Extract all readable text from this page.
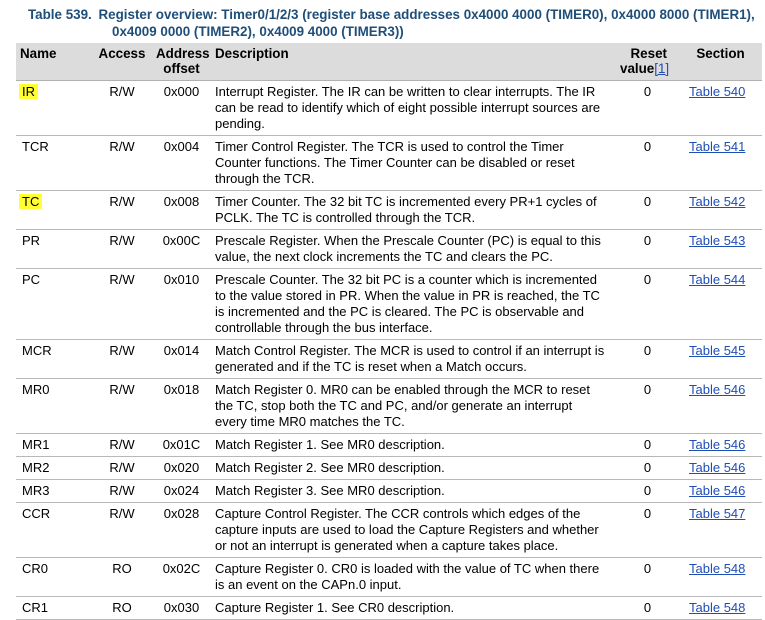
Table 539. Register overview: Timer0/1/2/3 (register base addresses 0x4000 4000 (TIMER0), 0x4000 8000 (TIMER1),
0x4009 0000 (TIMER2), 0x4009 4000 (TIMER3))
Name	Access	Address offset	Description	Reset value[1]	Section
IR	R/W	0x000	Interrupt Register. The IR can be written to clear interrupts. The IR can be read to identify which of eight possible interrupt sources are pending.	0	Table 540
TCR	R/W	0x004	Timer Control Register. The TCR is used to control the Timer Counter functions. The Timer Counter can be disabled or reset through the TCR.	0	Table 541
TC	R/W	0x008	Timer Counter. The 32 bit TC is incremented every PR+1 cycles of PCLK. The TC is controlled through the TCR.	0	Table 542
PR	R/W	0x00C	Prescale Register. When the Prescale Counter (PC) is equal to this value, the next clock increments the TC and clears the PC.	0	Table 543
PC	R/W	0x010	Prescale Counter. The 32 bit PC is a counter which is incremented to the value stored in PR. When the value in PR is reached, the TC is incremented and the PC is cleared. The PC is observable and controllable through the bus interface.	0	Table 544
MCR	R/W	0x014	Match Control Register. The MCR is used to control if an interrupt is generated and if the TC is reset when a Match occurs.	0	Table 545
MR0	R/W	0x018	Match Register 0. MR0 can be enabled through the MCR to reset the TC, stop both the TC and PC, and/or generate an interrupt every time MR0 matches the TC.	0	Table 546
MR1	R/W	0x01C	Match Register 1. See MR0 description.	0	Table 546
MR2	R/W	0x020	Match Register 2. See MR0 description.	0	Table 546
MR3	R/W	0x024	Match Register 3. See MR0 description.	0	Table 546
CCR	R/W	0x028	Capture Control Register. The CCR controls which edges of the capture inputs are used to load the Capture Registers and whether or not an interrupt is generated when a capture takes place.	0	Table 547
CR0	RO	0x02C	Capture Register 0. CR0 is loaded with the value of TC when there is an event on the CAPn.0 input.	0	Table 548
CR1	RO	0x030	Capture Register 1. See CR0 description.	0	Table 548
